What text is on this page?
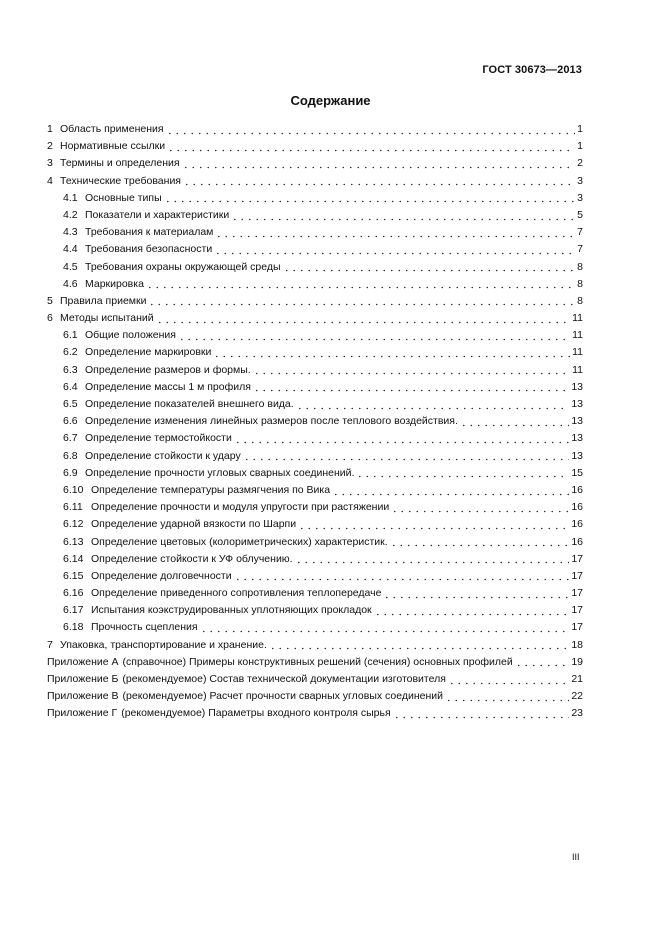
ГОСТ 30673—2013
Содержание
1 Область применения	1
2 Нормативные ссылки	1
3 Термины и определения	2
4 Технические требования	3
4.1 Основные типы	3
4.2 Показатели и характеристики	5
4.3 Требования к материалам	7
4.4 Требования безопасности	7
4.5 Требования охраны окружающей среды	8
4.6 Маркировка	8
5 Правила приемки	8
6 Методы испытаний	11
6.1 Общие положения	11
6.2 Определение маркировки	11
6.3 Определение размеров и формы.	11
6.4 Определение массы 1 м профиля	13
6.5 Определение показателей внешнего вида.	13
6.6 Определение изменения линейных размеров после теплового воздействия.	13
6.7 Определение термостойкости	13
6.8 Определение стойкости к удару	13
6.9 Определение прочности угловых сварных соединений.	15
6.10 Определение температуры размягчения по Вика	16
6.11 Определение прочности и модуля упругости при растяжении	16
6.12 Определение ударной вязкости по Шарпи	16
6.13 Определение цветовых (колориметрических) характеристик.	16
6.14 Определение стойкости к УФ облучению.	17
6.15 Определение долговечности	17
6.16 Определение приведенного сопротивления теплопередаче	17
6.17 Испытания коэкструдированных уплотняющих прокладок	17
6.18 Прочность сцепления	17
7 Упаковка, транспортирование и хранение.	18
Приложение А (справочное) Примеры конструктивных решений (сечения) основных профилей	19
Приложение Б (рекомендуемое) Состав технической документации изготовителя	21
Приложение В (рекомендуемое) Расчет прочности сварных угловых соединений	22
Приложение Г (рекомендуемое) Параметры входного контроля сырья	23
III
